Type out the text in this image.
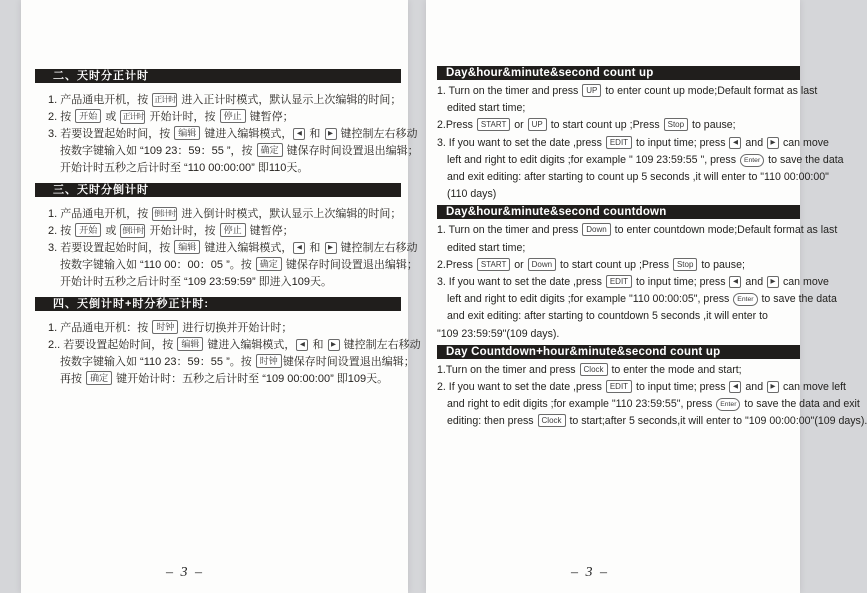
二、天时分正计时
1. 产品通电开机，按 正计时 进入正计时模式，默认显示上次编辑的时间；
2. 按 开始 或 正计时 开始计时，按 停止 键暂停；
3. 若要设置起始时间，按 编辑 键进入编辑模式， ◀ 和 ▶ 键控制左右移动
按数字键输入如 “109 23：59：55 ”，按 确定 键保存时间设置退出编辑；
开始计时五秒之后计时至 “110 00:00:00” 即110天。
三、天时分倒计时
1. 产品通电开机，按 倒计时 进入倒计时模式，默认显示上次编辑的时间；
2. 按 开始 或 倒计时 开始计时，按 停止 键暂停；
3. 若要设置起始时间，按 编辑 键进入编辑模式， ◀ 和 ▶ 键控制左右移动
按数字键输入如 “110 00：00：05 ”。按 确定 键保存时间设置退出编辑；
开始计时五秒之后计时至 “109 23:59:59” 即进入109天。
四、天倒计时+时分秒正计时:
1. 产品通电开机：按 时钟 进行切换并开始计时；
2.. 若要设置起始时间，按 编辑 键进入编辑模式， ◀ 和 ▶ 键控制左右移动
按数字键输入如 “110 23：59：55 ”。按 时钟 键保存时间设置退出编辑；
再按 确定 键开始计时：五秒之后计时至 “109 00:00:00” 即109天。
– 3 –
Day&hour&minute&second count up
1. Turn on the timer and press UP to enter count up mode;Default format as last
edited start time;
2.Press START or UP to start count up ;Press Stop to pause;
3. If you want to set the date ,press EDIT to input time; press ◀ and ▶ can move
left and right to edit digits ;for example " 109 23:59:55 ", press Enter to save the data
and exit editing: after starting to count up 5 seconds ,it will enter to "110 00:00:00"
(110 days)
Day&hour&minute&second countdown
1. Turn on the timer and press Down to enter countdown mode;Default format as last
edited start time;
2.Press START or Down to start count up ;Press Stop to pause;
3. If you want to set the date ,press EDIT to input time; press ◀ and ▶ can move
left and right to edit digits ;for example "110 00:00:05", press Enter to save the data
and exit editing: after starting to countdown 5 seconds ,it will enter to
"109 23:59:59"(109 days).
Day Countdown+hour&minute&second count up
1.Turn on the timer and press Clock to enter the mode and start;
2. If you want to set the date ,press EDIT to input time; press ◀ and ▶ can move left
and right to edit digits ;for example "110 23:59:55", press Enter to save the data and exit
editing: then press Clock to start;after 5 seconds,it will enter to "109 00:00:00"(109 days).
– 3 –
